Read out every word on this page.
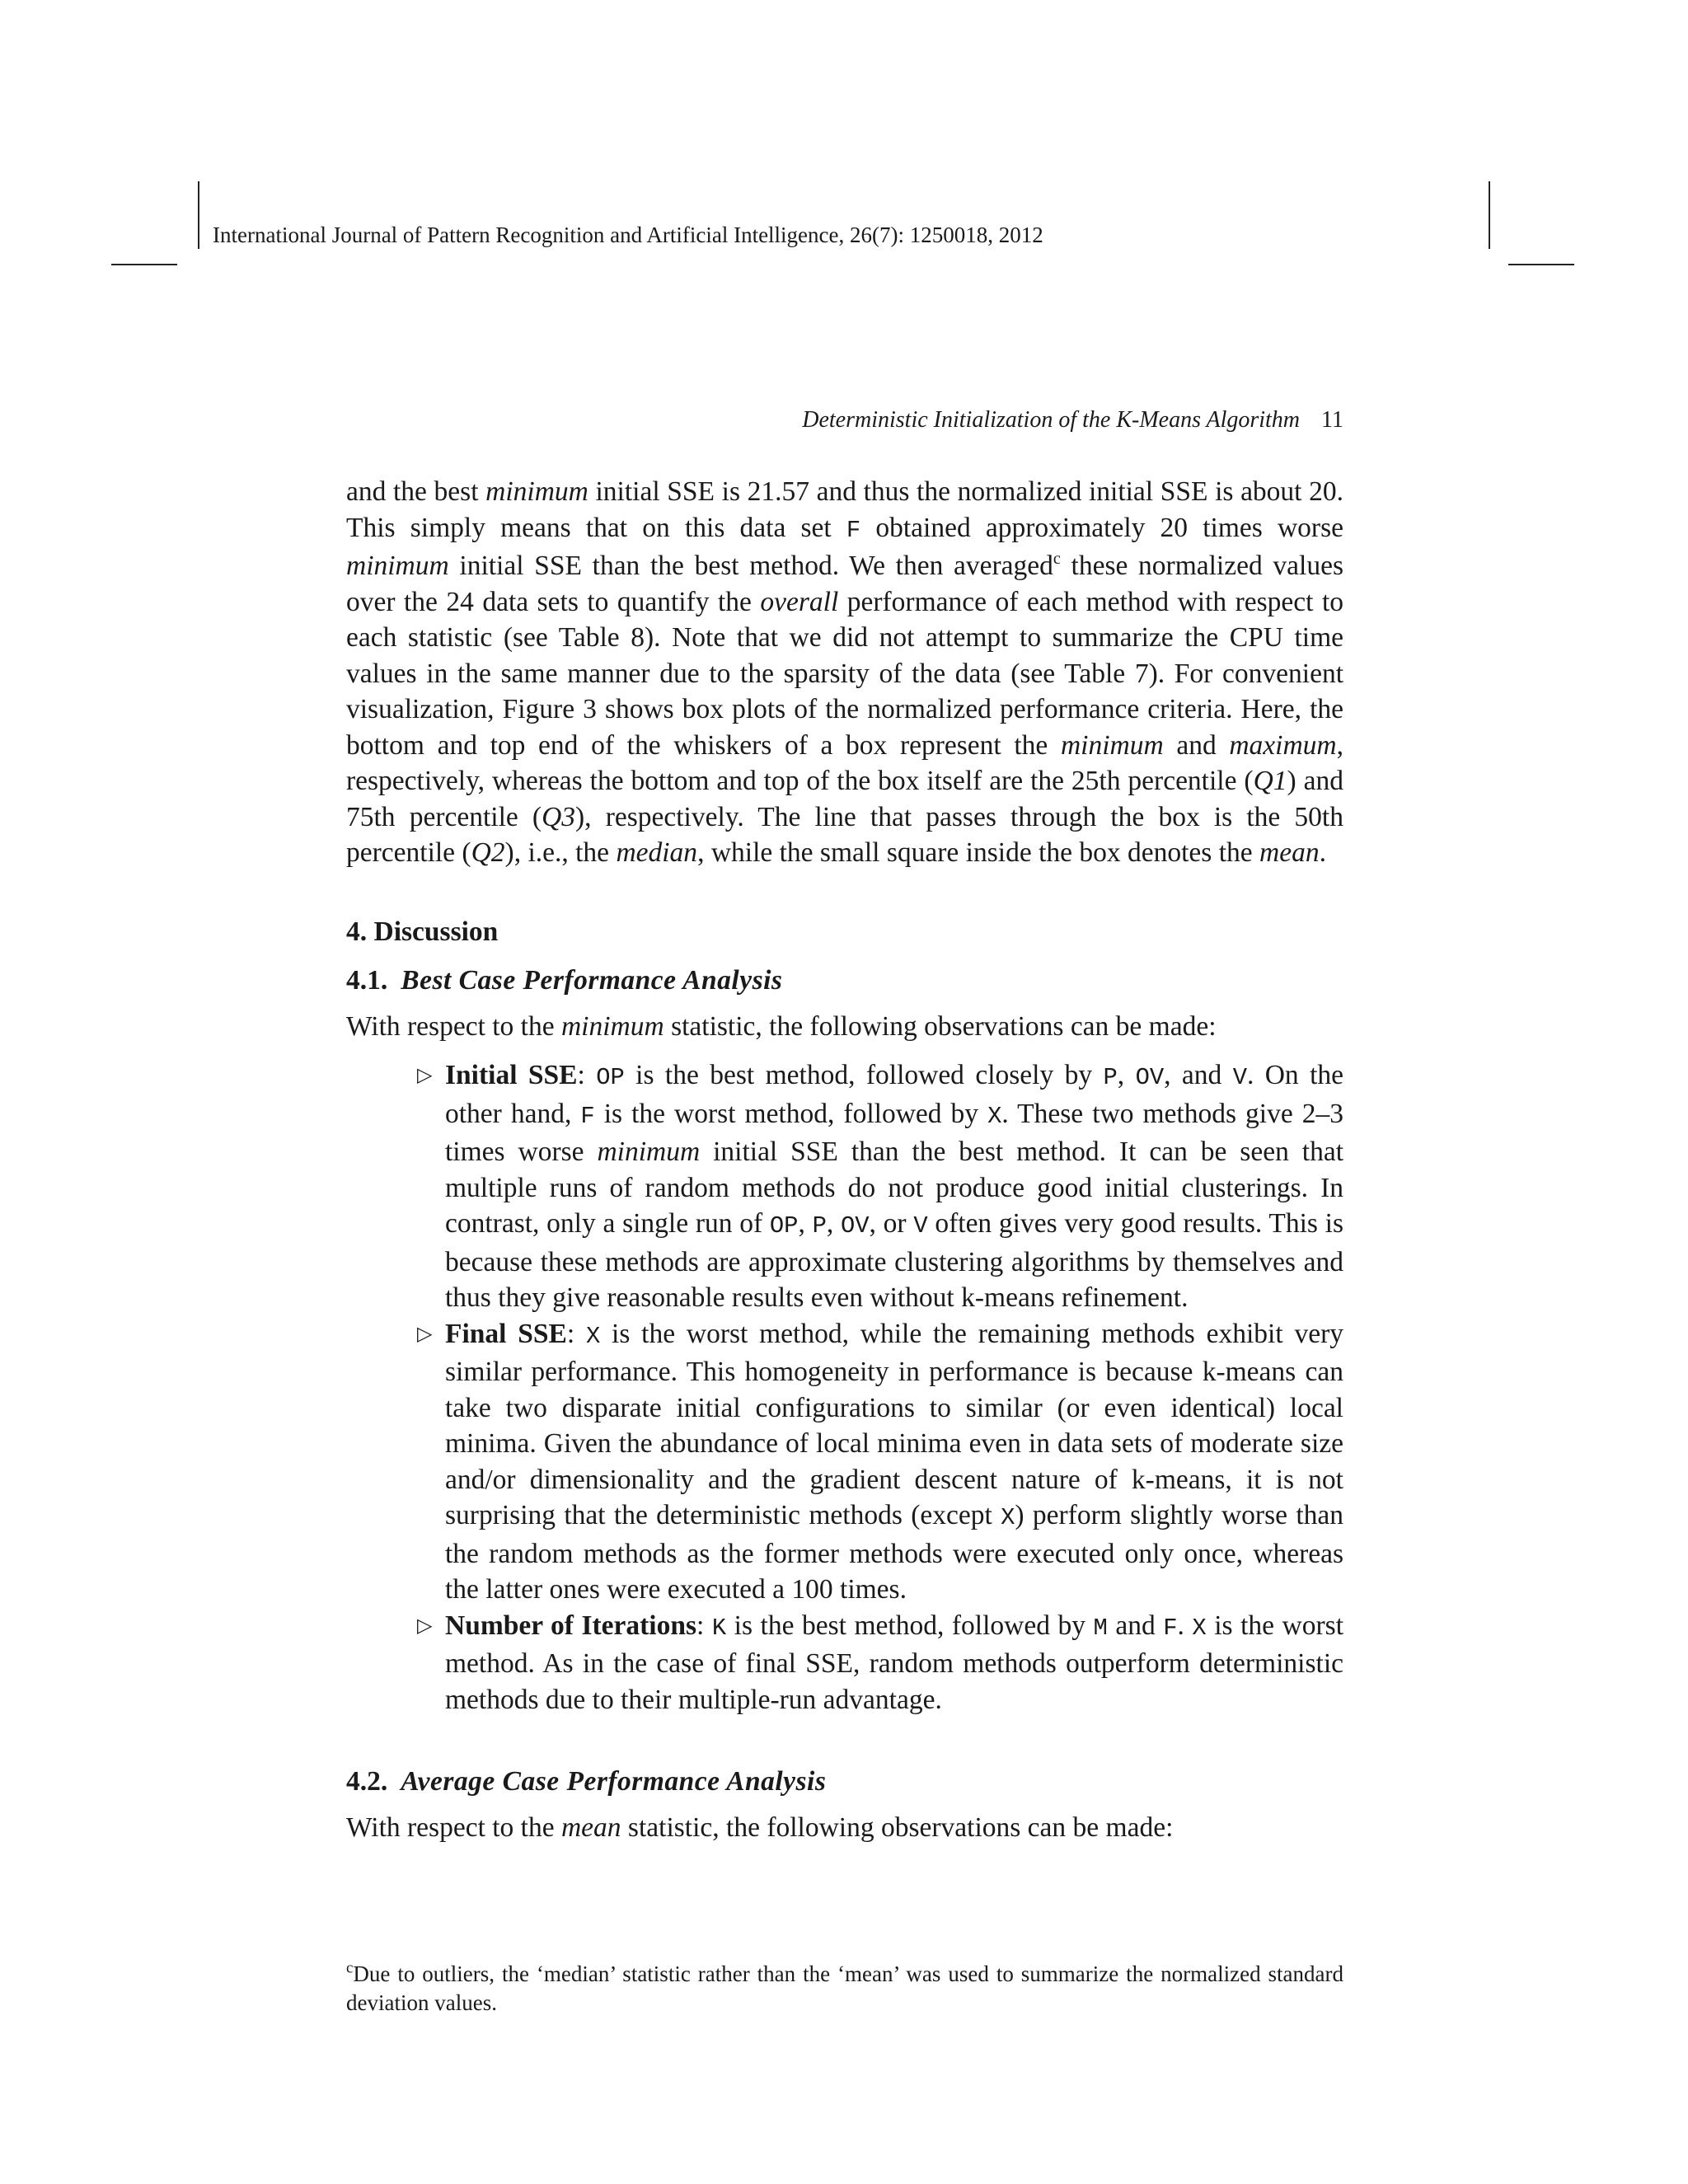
International Journal of Pattern Recognition and Artificial Intelligence, 26(7): 1250018, 2012
Deterministic Initialization of the K-Means Algorithm 11

and the best minimum initial SSE is 21.57 and thus the normalized initial SSE is about 20. This simply means that on this data set F obtained approximately 20 times worse minimum initial SSE than the best method. We then averaged$^c$ these normalized values over the 24 data sets to quantify the overall performance of each method with respect to each statistic (see Table 8). Note that we did not attempt to summarize the CPU time values in the same manner due to the sparsity of the data (see Table 7). For convenient visualization, Figure 3 shows box plots of the normalized performance criteria. Here, the bottom and top end of the whiskers of a box represent the minimum and maximum, respectively, whereas the bottom and top of the box itself are the 25th percentile (Q1) and 75th percentile (Q3), respectively. The line that passes through the box is the 50th percentile (Q2), i.e., the median, while the small square inside the box denotes the mean.

4. Discussion
4.1. Best Case Performance Analysis

With respect to the minimum statistic, the following observations can be made:

▷ Initial SSE: OP is the best method, followed closely by P, OV, and V. On the other hand, F is the worst method, followed by X. These two methods give 2–3 times worse minimum initial SSE than the best method. It can be seen that multiple runs of random methods do not produce good initial clusterings. In contrast, only a single run of OP, P, OV, or V often gives very good results. This is because these methods are approximate clustering algorithms by themselves and thus they give reasonable results even without k-means refinement.
▷ Final SSE: X is the worst method, while the remaining methods exhibit very similar performance. This homogeneity in performance is because k-means can take two disparate initial configurations to similar (or even identical) local minima. Given the abundance of local minima even in data sets of moderate size and/or dimensionality and the gradient descent nature of k-means, it is not surprising that the deterministic methods (except X) perform slightly worse than the random methods as the former methods were executed only once, whereas the latter ones were executed a 100 times.
▷ Number of Iterations: K is the best method, followed by M and F. X is the worst method. As in the case of final SSE, random methods outperform deterministic methods due to their multiple-run advantage.
4.2. Average Case Performance Analysis

With respect to the mean statistic, the following observations can be made:

$^c$Due to outliers, the ‘median’ statistic rather than the ‘mean’ was used to summarize the normalized standard deviation values.
